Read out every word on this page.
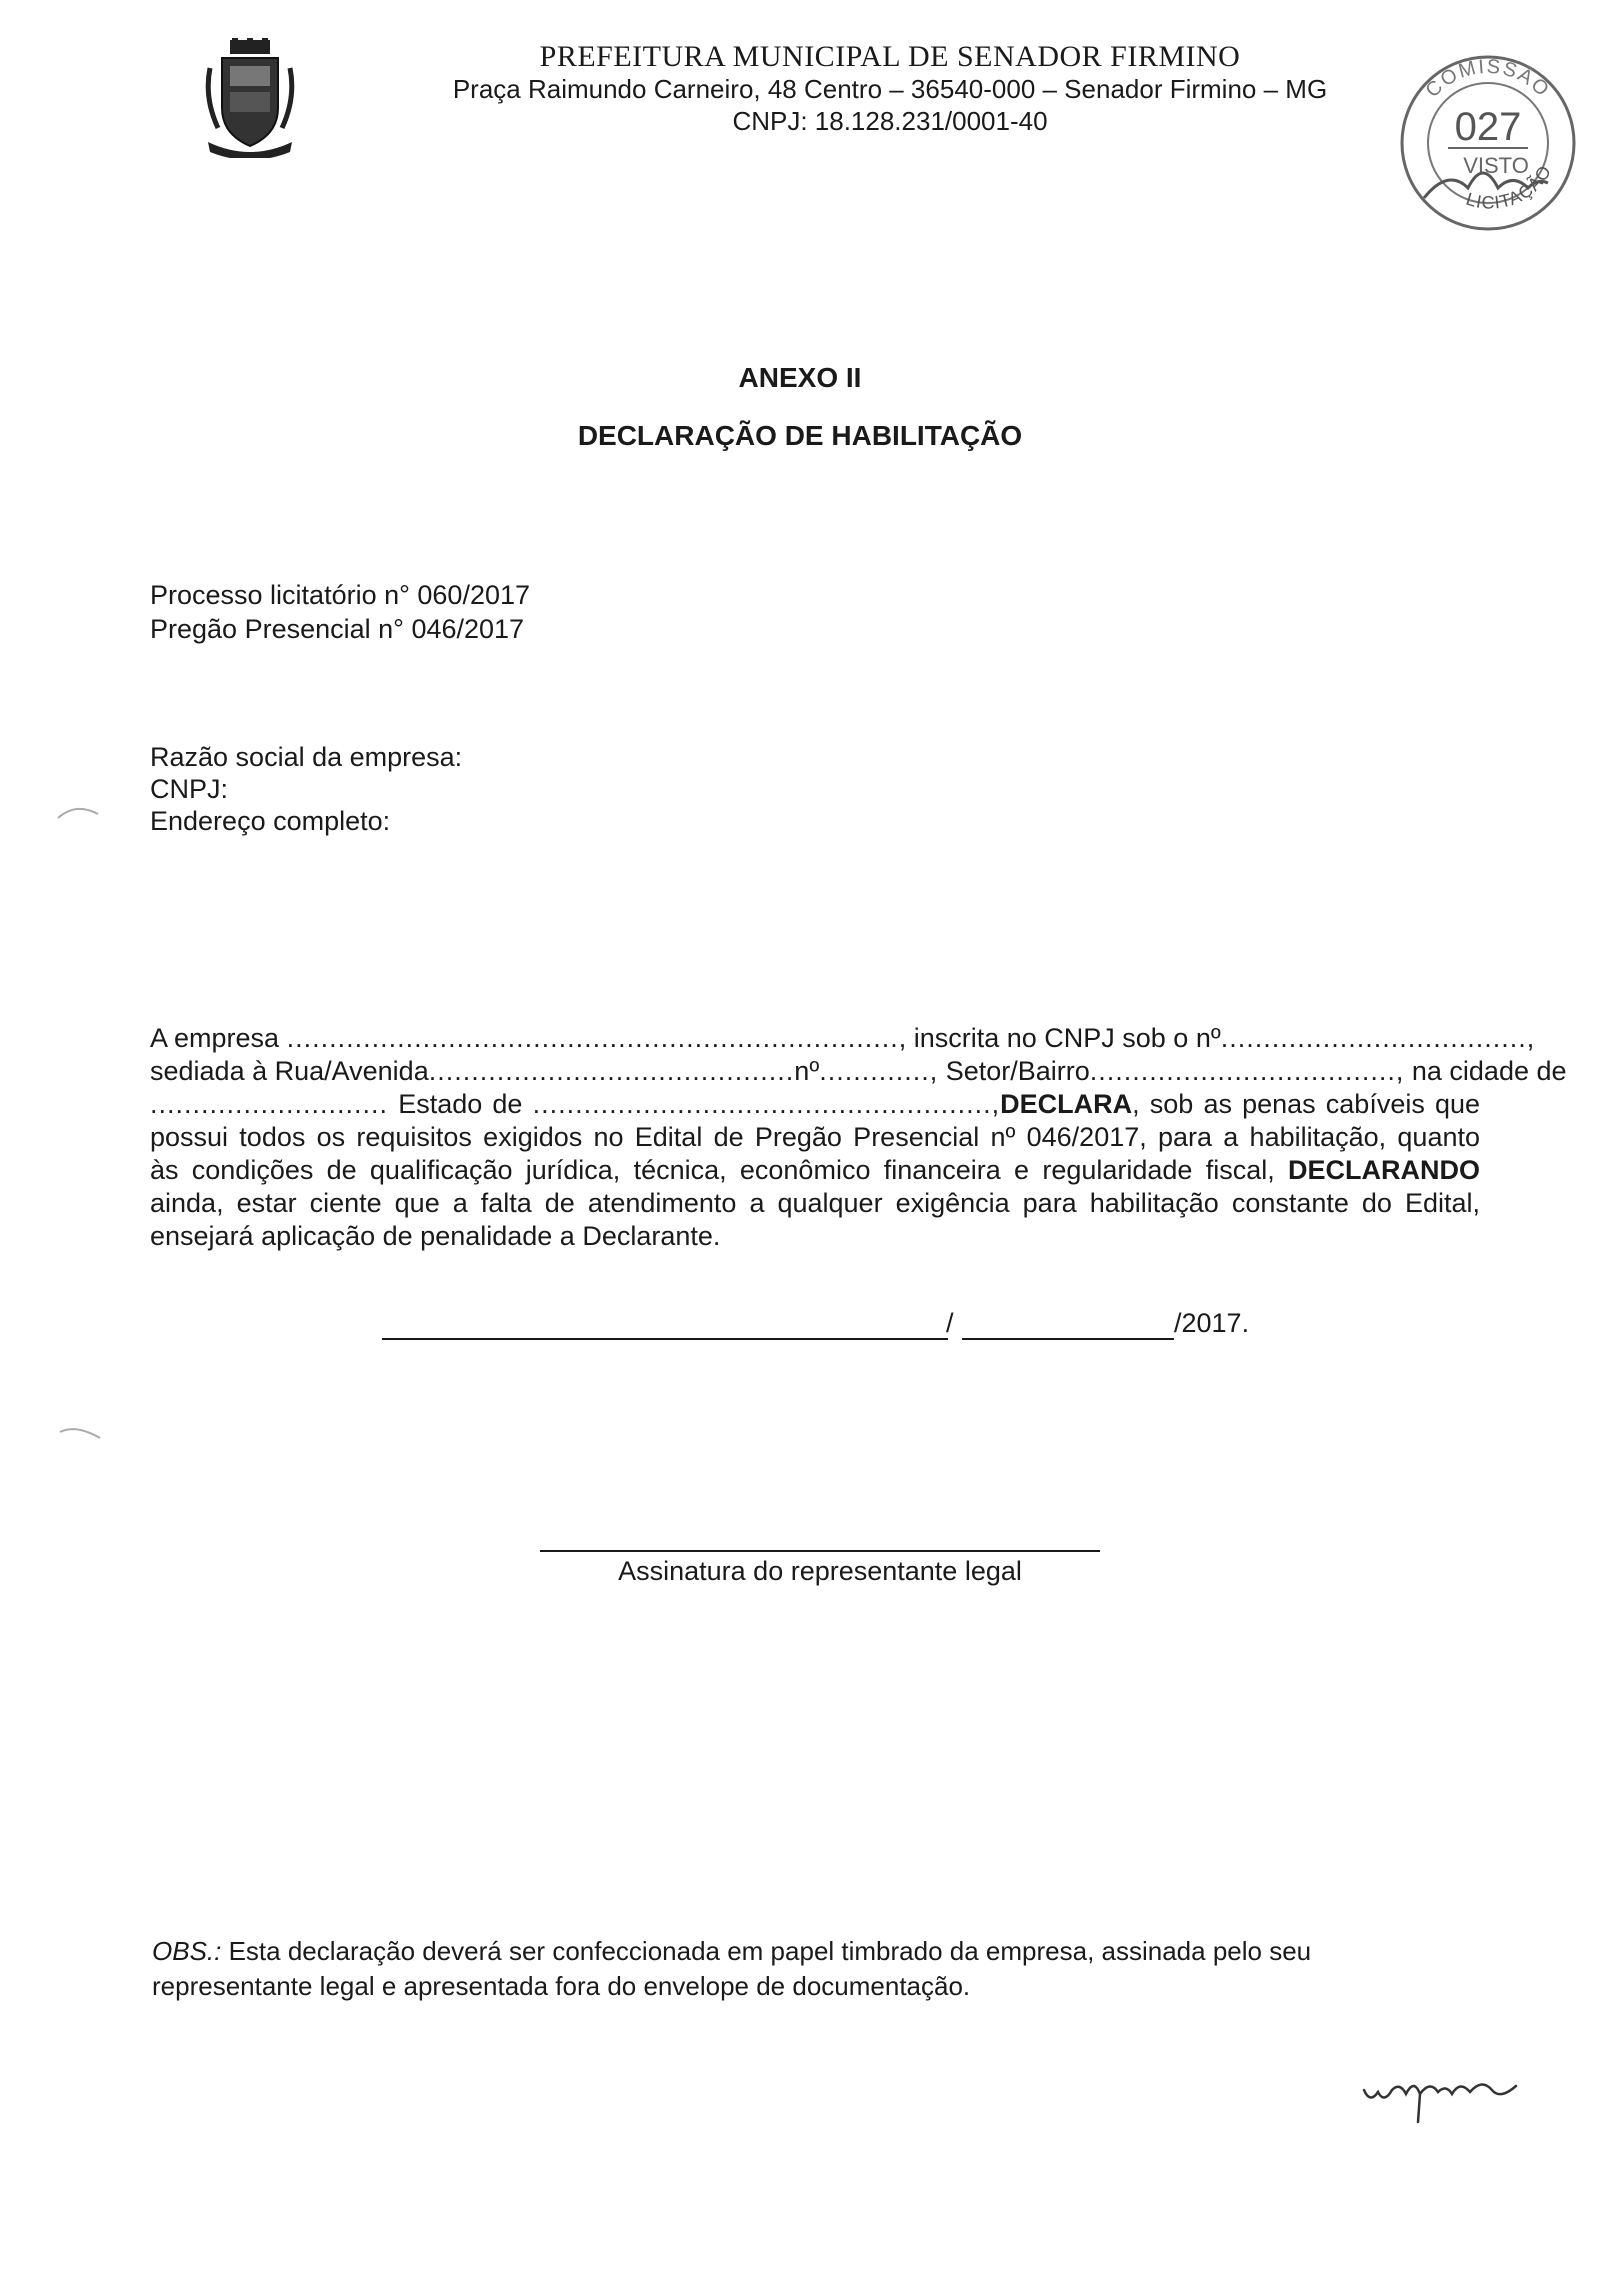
PREFEITURA MUNICIPAL DE SENADOR FIRMINO
Praça Raimundo Carneiro, 48 Centro – 36540-000 – Senador Firmino – MG
CNPJ: 18.128.231/0001-40
COMISSÃO
027
VISTO
LICITAÇÃO
ANEXO II
DECLARAÇÃO DE HABILITAÇÃO
Processo licitatório n° 060/2017
Pregão Presencial n° 046/2017
Razão social da empresa:
CNPJ:
Endereço completo:
A empresa ........................................................................, inscrita no CNPJ sob o nº....................................,
sediada à Rua/Avenida...........................................nº............., Setor/Bairro...................................., na cidade de
............................ Estado de ......................................................,DECLARA, sob as penas cabíveis que
possui todos os requisitos exigidos no Edital de Pregão Presencial nº 046/2017, para a habilitação, quanto
às condições de qualificação jurídica, técnica, econômico financeira e regularidade fiscal, DECLARANDO
ainda, estar ciente que a falta de atendimento a qualquer exigência para habilitação constante do Edital,
ensejará aplicação de penalidade a Declarante.
/	/2017.
Assinatura do representante legal
OBS.: Esta declaração deverá ser confeccionada em papel timbrado da empresa, assinada pelo seu representante legal e apresentada fora do envelope de documentação.
